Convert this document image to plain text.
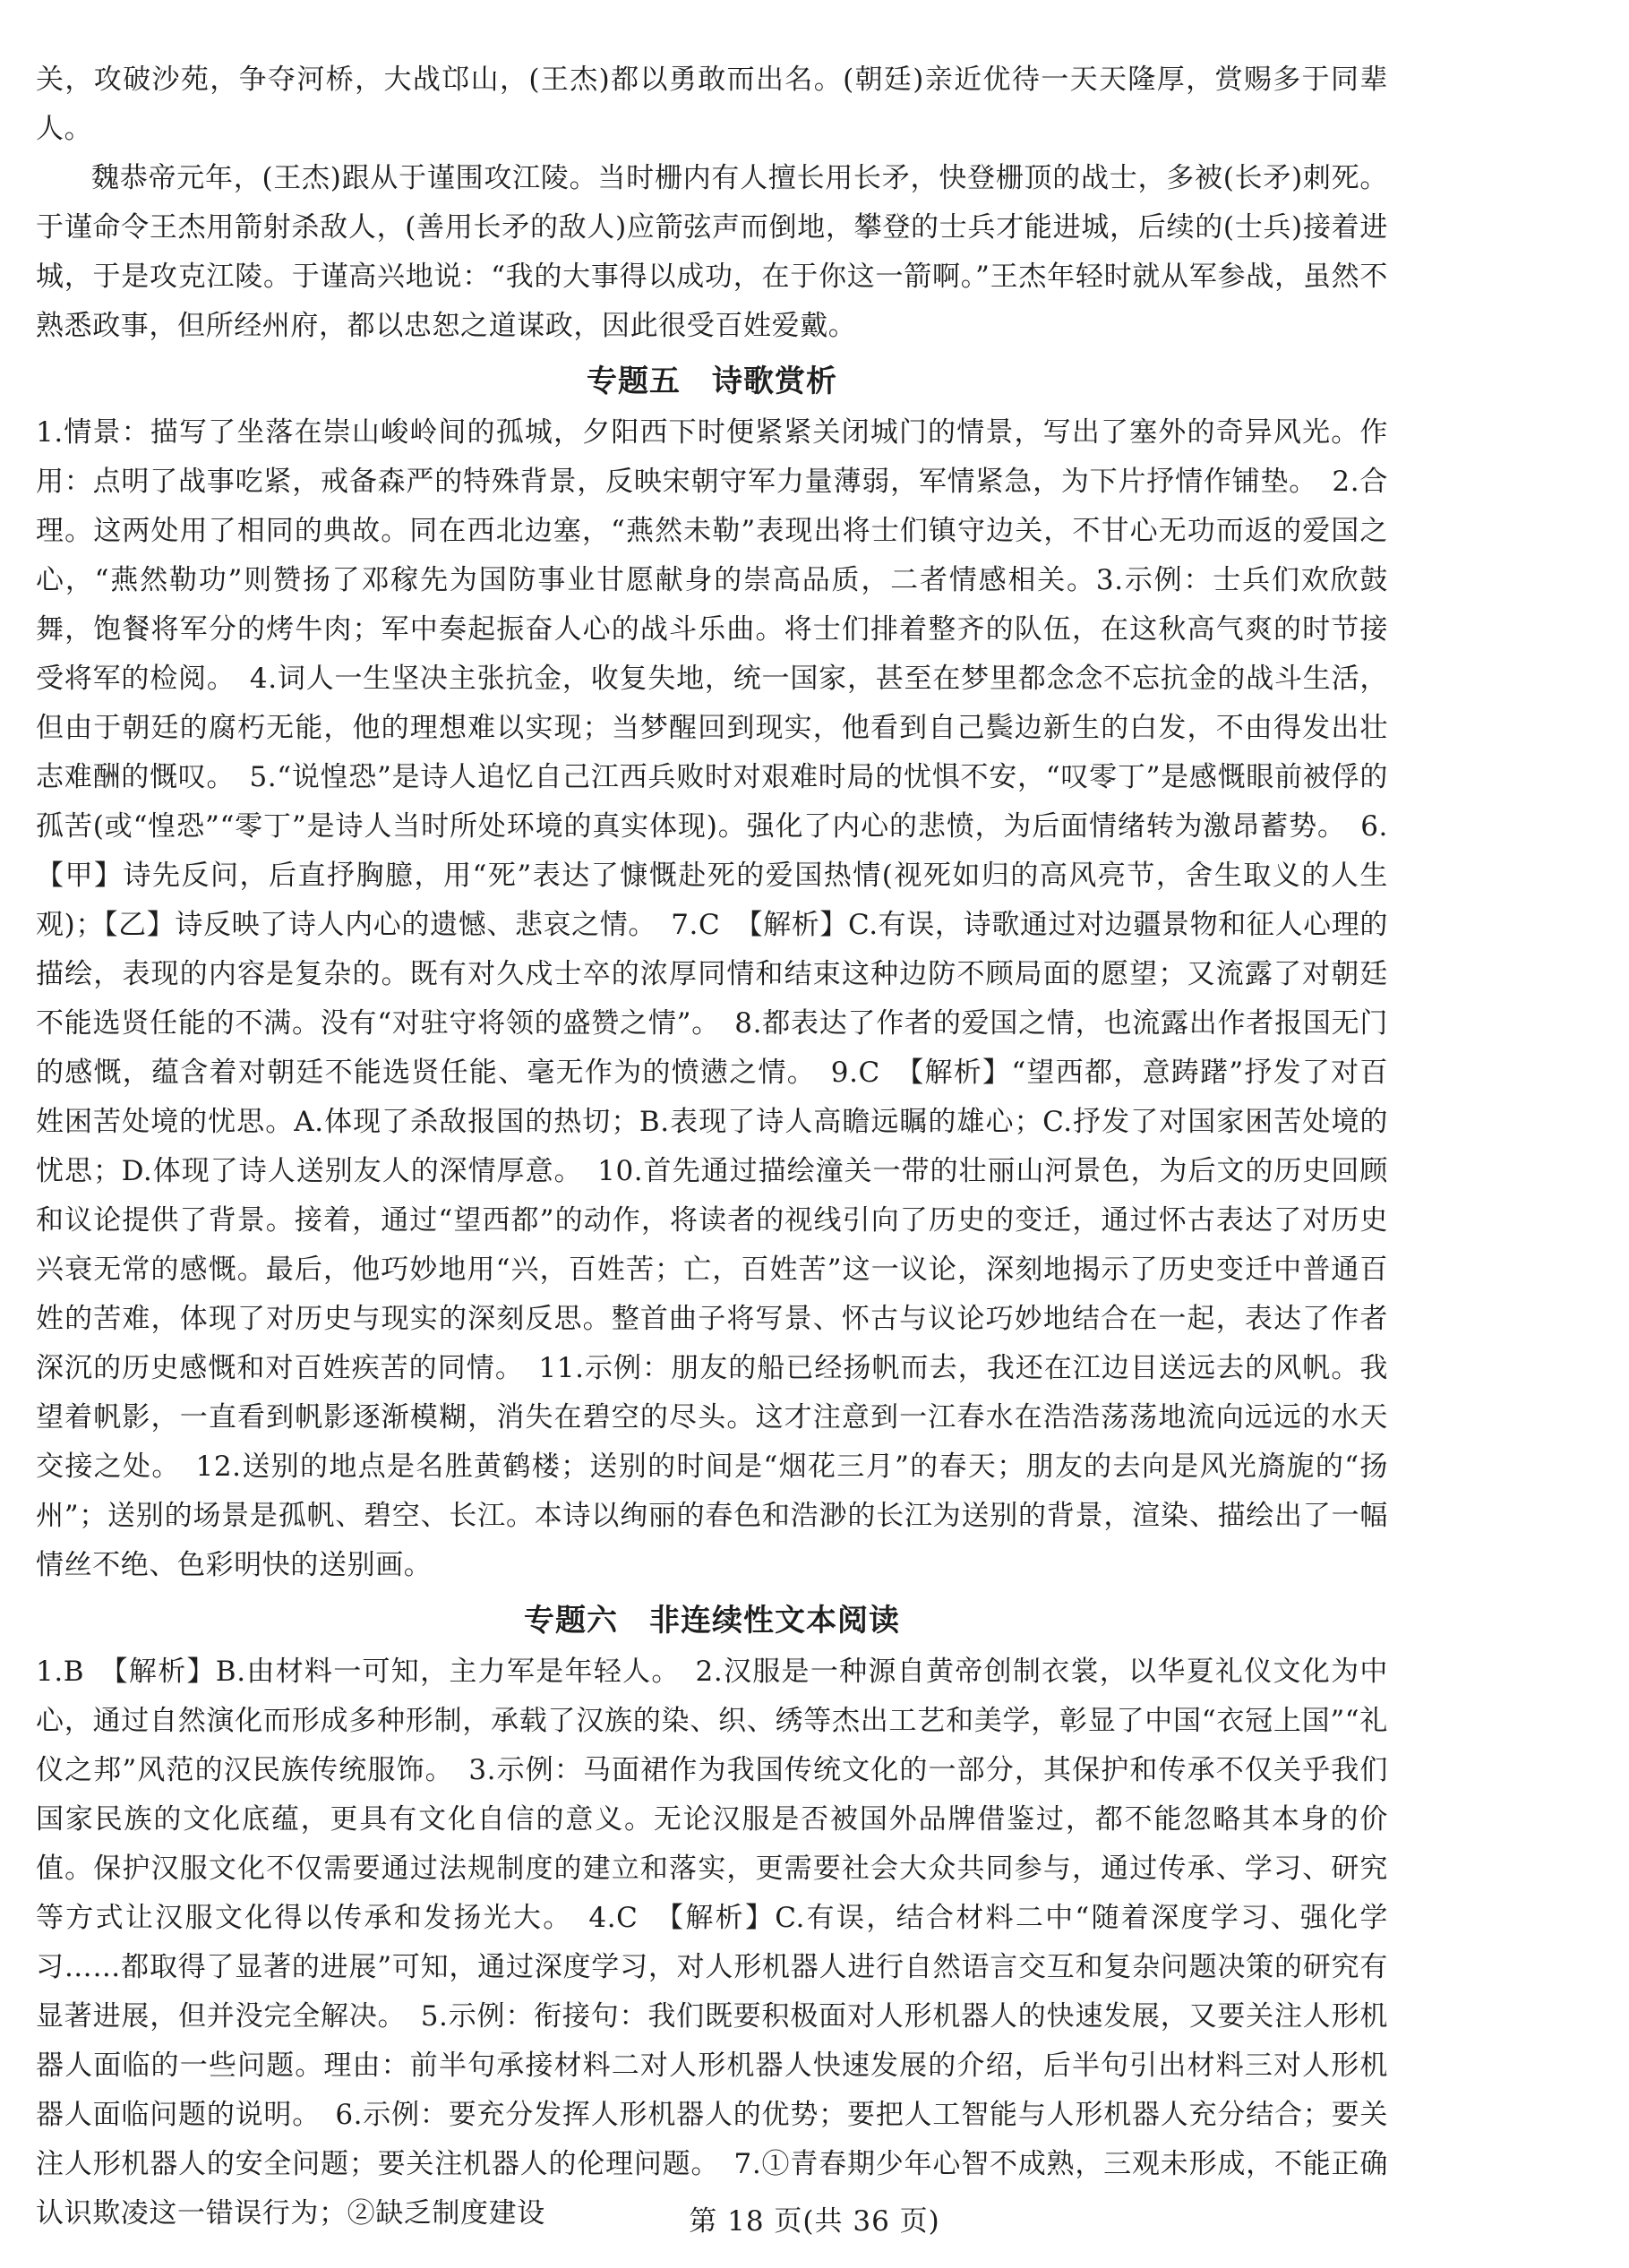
关，攻破沙苑，争夺河桥，大战邙山，(王杰)都以勇敢而出名。(朝廷)亲近优待一天天隆厚，赏赐多于同辈人。

魏恭帝元年，(王杰)跟从于谨围攻江陵。当时栅内有人擅长用长矛，快登栅顶的战士，多被(长矛)刺死。于谨命令王杰用箭射杀敌人，(善用长矛的敌人)应箭弦声而倒地，攀登的士兵才能进城，后续的(士兵)接着进城，于是攻克江陵。于谨高兴地说：“我的大事得以成功，在于你这一箭啊。”王杰年轻时就从军参战，虽然不熟悉政事，但所经州府，都以忠恕之道谋政，因此很受百姓爱戴。

专题五　诗歌赏析

1.情景：描写了坐落在崇山峻岭间的孤城，夕阳西下时便紧紧关闭城门的情景，写出了塞外的奇异风光。作用：点明了战事吃紧，戒备森严的特殊背景，反映宋朝守军力量薄弱，军情紧急，为下片抒情作铺垫。　2.合理。这两处用了相同的典故。同在西北边塞，“燕然未勒”表现出将士们镇守边关，不甘心无功而返的爱国之心，“燕然勒功”则赞扬了邓稼先为国防事业甘愿献身的崇高品质，二者情感相关。3.示例：士兵们欢欣鼓舞，饱餐将军分的烤牛肉；军中奏起振奋人心的战斗乐曲。将士们排着整齐的队伍，在这秋高气爽的时节接受将军的检阅。　4.词人一生坚决主张抗金，收复失地，统一国家，甚至在梦里都念念不忘抗金的战斗生活，但由于朝廷的腐朽无能，他的理想难以实现；当梦醒回到现实，他看到自己鬓边新生的白发，不由得发出壮志难酬的慨叹。　5.“说惶恐”是诗人追忆自己江西兵败时对艰难时局的忧惧不安，“叹零丁”是感慨眼前被俘的孤苦(或“惶恐”“零丁”是诗人当时所处环境的真实体现)。强化了内心的悲愤，为后面情绪转为激昂蓄势。　6.【甲】诗先反问，后直抒胸臆，用“死”表达了慷慨赴死的爱国热情(视死如归的高风亮节，舍生取义的人生观)；【乙】诗反映了诗人内心的遗憾、悲哀之情。　7.C　【解析】C.有误，诗歌通过对边疆景物和征人心理的描绘，表现的内容是复杂的。既有对久戍士卒的浓厚同情和结束这种边防不顾局面的愿望；又流露了对朝廷不能选贤任能的不满。没有“对驻守将领的盛赞之情”。　8.都表达了作者的爱国之情，也流露出作者报国无门的感慨，蕴含着对朝廷不能选贤任能、毫无作为的愤懑之情。　9.C　【解析】“望西都，意踌躇”抒发了对百姓困苦处境的忧思。A.体现了杀敌报国的热切；B.表现了诗人高瞻远瞩的雄心；C.抒发了对国家困苦处境的忧思；D.体现了诗人送别友人的深情厚意。　10.首先通过描绘潼关一带的壮丽山河景色，为后文的历史回顾和议论提供了背景。接着，通过“望西都”的动作，将读者的视线引向了历史的变迁，通过怀古表达了对历史兴衰无常的感慨。最后，他巧妙地用“兴，百姓苦；亡，百姓苦”这一议论，深刻地揭示了历史变迁中普通百姓的苦难，体现了对历史与现实的深刻反思。整首曲子将写景、怀古与议论巧妙地结合在一起，表达了作者深沉的历史感慨和对百姓疾苦的同情。　11.示例：朋友的船已经扬帆而去，我还在江边目送远去的风帆。我望着帆影，一直看到帆影逐渐模糊，消失在碧空的尽头。这才注意到一江春水在浩浩荡荡地流向远远的水天交接之处。　12.送别的地点是名胜黄鹤楼；送别的时间是“烟花三月”的春天；朋友的去向是风光旖旎的“扬州”；送别的场景是孤帆、碧空、长江。本诗以绚丽的春色和浩渺的长江为送别的背景，渲染、描绘出了一幅情丝不绝、色彩明快的送别画。

专题六　非连续性文本阅读

1.B　【解析】B.由材料一可知，主力军是年轻人。　2.汉服是一种源自黄帝创制衣裳，以华夏礼仪文化为中心，通过自然演化而形成多种形制，承载了汉族的染、织、绣等杰出工艺和美学，彰显了中国“衣冠上国”“礼仪之邦”风范的汉民族传统服饰。　3.示例：马面裙作为我国传统文化的一部分，其保护和传承不仅关乎我们国家民族的文化底蕴，更具有文化自信的意义。无论汉服是否被国外品牌借鉴过，都不能忽略其本身的价值。保护汉服文化不仅需要通过法规制度的建立和落实，更需要社会大众共同参与，通过传承、学习、研究等方式让汉服文化得以传承和发扬光大。　4.C　【解析】C.有误，结合材料二中“随着深度学习、强化学习……都取得了显著的进展”可知，通过深度学习，对人形机器人进行自然语言交互和复杂问题决策的研究有显著进展，但并没完全解决。　5.示例：衔接句：我们既要积极面对人形机器人的快速发展，又要关注人形机器人面临的一些问题。理由：前半句承接材料二对人形机器人快速发展的介绍，后半句引出材料三对人形机器人面临问题的说明。　6.示例：要充分发挥人形机器人的优势；要把人工智能与人形机器人充分结合；要关注人形机器人的安全问题；要关注机器人的伦理问题。　7.①青春期少年心智不成熟，三观未形成，不能正确认识欺凌这一错误行为；②缺乏制度建设	第 18 页(共 36 页)
